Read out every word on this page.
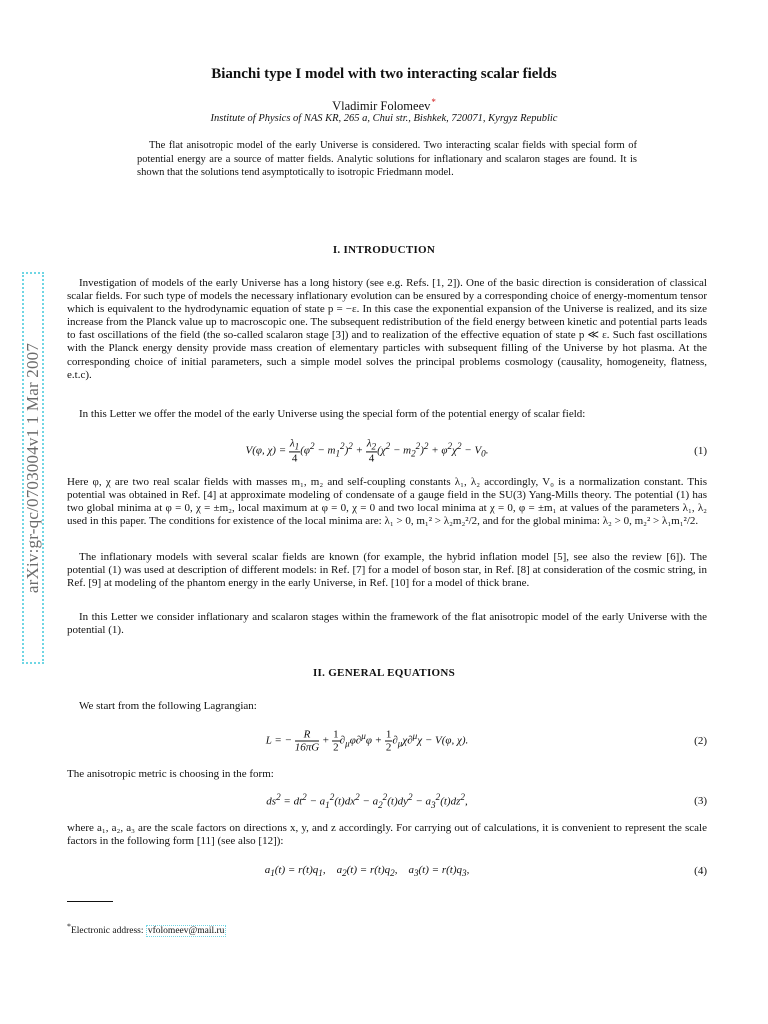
arXiv:gr-qc/0703004v1 1 Mar 2007
Bianchi type I model with two interacting scalar fields
Vladimir Folomeev*
Institute of Physics of NAS KR, 265 a, Chui str., Bishkek, 720071, Kyrgyz Republic
The flat anisotropic model of the early Universe is considered. Two interacting scalar fields with special form of potential energy are a source of matter fields. Analytic solutions for inflationary and scalaron stages are found. It is shown that the solutions tend asymptotically to isotropic Friedmann model.
I. INTRODUCTION

Investigation of models of the early Universe has a long history (see e.g. Refs. [1, 2]). One of the basic direction is consideration of classical scalar fields. For such type of models the necessary inflationary evolution can be ensured by a corresponding choice of energy-momentum tensor which is equivalent to the hydrodynamic equation of state p = −ε. In this case the exponential expansion of the Universe is realized, and its size increase from the Planck value up to macroscopic one. The subsequent redistribution of the field energy between kinetic and potential parts leads to fast oscillations of the field (the so-called scalaron stage [3]) and to realization of the effective equation of state p ≪ ε. Such fast oscillations with the Planck energy density provide mass creation of elementary particles with subsequent filling of the Universe by hot plasma. At the corresponding choice of initial parameters, such a simple model solves the principal problems cosmology (causality, homogeneity, flatness, e.t.c).

In this Letter we offer the model of the early Universe using the special form of the potential energy of scalar field:

V(φ, $\chi) = \frac{\lambda_1}{4} (\varphi^2 - m_1^2)^2 + \frac{\lambda_2}{4} (\chi^2 - m_2^2)^2 + \varphi^2\chi^2 - V_0$.	(1)

Here φ, χ are two real scalar fields with masses m₁, m₂ and self-coupling constants λ₁, λ₂ accordingly, V₀ is a normalization constant. This potential was obtained in Ref. [4] at approximate modeling of condensate of a gauge field in the SU(3) Yang-Mills theory. The potential (1) has two global minima at φ = 0, χ = ±m₂, local maximum at φ = 0, χ = 0 and two local minima at χ = 0, φ = ±m₁ at values of the parameters λ₁, λ₂ used in this paper. The conditions for existence of the local minima are: λ₁ > 0, m₁² > λ₂m₂²/2, and for the global minima: λ₂ > 0, m₂² > λ₁m₁²/2.

The inflationary models with several scalar fields are known (for example, the hybrid inflation model [5], see also the review [6]). The potential (1) was used at description of different models: in Ref. [7] for a model of boson star, in Ref. [8] at consideration of the cosmic string, in Ref. [9] at modeling of the phantom energy in the early Universe, in Ref. [10] for a model of thick brane.

In this Letter we consider inflationary and scalaron stages within the framework of the flat anisotropic model of the early Universe with the potential (1).

II. GENERAL EQUATIONS

We start from the following Lagrangian:

L = − $\frac{R}{16\pi G} + \frac{1}{2} \partial_\mu\varphi\partial^\mu\varphi + \frac{1}{2} \partial_\mu\chi\partial^\mu\chi - V(\varphi$, χ).	(2)

The anisotropic metric is choosing in the form:

$ds^2 = dt^2 - a_1^2(t)dx^2 - a_2^2(t)dy^2 - a_3^2(t)dz^2$,	(3)

where a₁, a₂, a₃ are the scale factors on directions x, y, and z accordingly. For carrying out of calculations, it is convenient to represent the scale factors in the following form [11] (see also [12]):

$a_1(t) = r(t)q_1$,    $a_2(t) = r(t)q_2$,    $a_3(t) = r(t)q_3$,	(4)
*Electronic address: vfolomeev@mail.ru
